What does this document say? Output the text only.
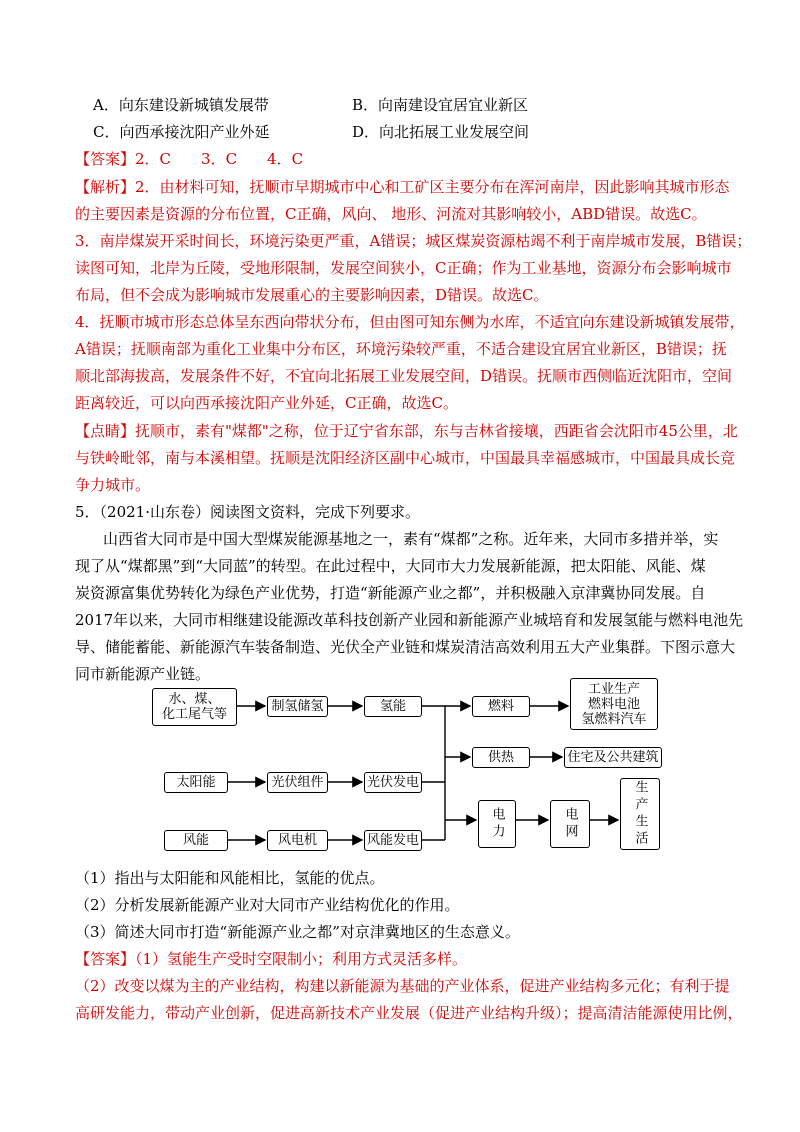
A．向东建设新城镇发展带	B．向南建设宜居宜业新区
C．向西承接沈阳产业外延	D．向北拓展工业发展空间
【答案】2．C　　3．C　　4．C
【解析】2．由材料可知，抚顺市早期城市中心和工矿区主要分布在浑河南岸，因此影响其城市形态
的主要因素是资源的分布位置，C正确，风向、 地形、河流对其影响较小，ABD错误。故选C。
3．南岸煤炭开采时间长，环境污染更严重，A错误；城区煤炭资源枯竭不利于南岸城市发展，B错误；
读图可知，北岸为丘陵，受地形限制，发展空间狭小，C正确；作为工业基地，资源分布会影响城市
布局，但不会成为影响城市发展重心的主要影响因素，D错误。故选C。
4．抚顺市城市形态总体呈东西向带状分布，但由图可知东侧为水库，不适宜向东建设新城镇发展带，
A错误；抚顺南部为重化工业集中分布区，环境污染较严重，不适合建设宜居宜业新区，B错误；抚
顺北部海拔高，发展条件不好，不宜向北拓展工业发展空间，D错误。抚顺市西侧临近沈阳市，空间
距离较近，可以向西承接沈阳产业外延，C正确，故选C。
【点睛】抚顺市，素有"煤都"之称，位于辽宁省东部，东与吉林省接壤，西距省会沈阳市45公里，北
与铁岭毗邻，南与本溪相望。抚顺是沈阳经济区副中心城市，中国最具幸福感城市，中国最具成长竞
争力城市。
5．（2021·山东卷）阅读图文资料，完成下列要求。
山西省大同市是中国大型煤炭能源基地之一，素有“煤都”之称。近年来，大同市多措并举，实
现了从“煤都黑”到“大同蓝”的转型。在此过程中，大同市大力发展新能源，把太阳能、风能、煤
炭资源富集优势转化为绿色产业优势，打造“新能源产业之都”，并积极融入京津冀协同发展。自
2017年以来，大同市相继建设能源改革科技创新产业园和新能源产业城培育和发展氢能与燃料电池先
导、储能蓄能、新能源汽车装备制造、光伏全产业链和煤炭清洁高效利用五大产业集群。下图示意大
同市新能源产业链。
水、煤、
化工尾气等
制氢储氢	氢能	燃料
工业生产
燃料电池
氢燃料汽车
供热	住宅及公共建筑
太阳能	光伏组件	光伏发电
电力	电网	生产生活
风能	风电机	风能发电
（1）指出与太阳能和风能相比，氢能的优点。
（2）分析发展新能源产业对大同市产业结构优化的作用。
（3）简述大同市打造“新能源产业之都”对京津冀地区的生态意义。
【答案】（1）氢能生产受时空限制小；利用方式灵活多样。
（2）改变以煤为主的产业结构，构建以新能源为基础的产业体系，促进产业结构多元化；有利于提
高研发能力，带动产业创新，促进高新技术产业发展（促进产业结构升级）；提高清洁能源使用比例，
